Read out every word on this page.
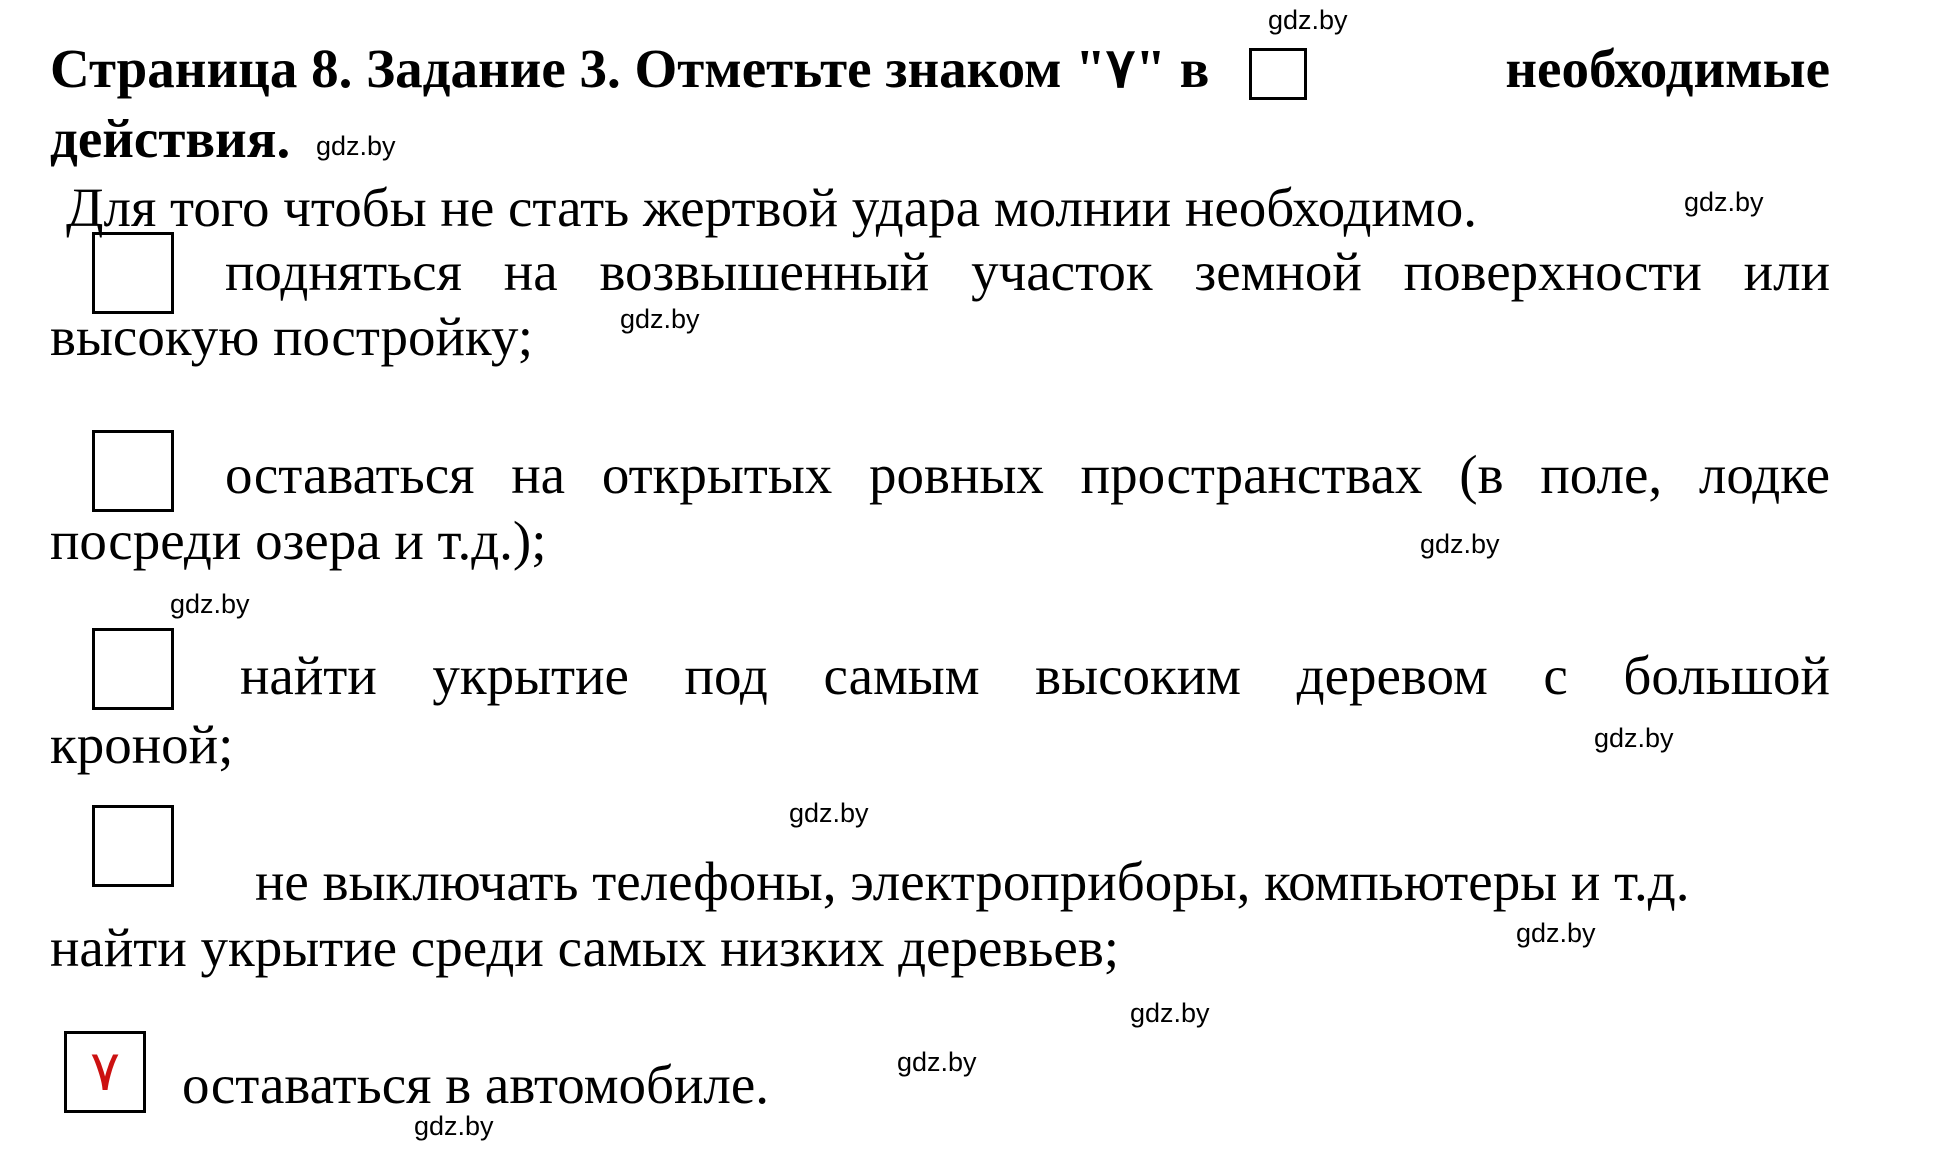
gdz.by
gdz.by
gdz.by
gdz.by
gdz.by
gdz.by
gdz.by
gdz.by
gdz.by
gdz.by
gdz.by
gdz.by
Страница 8. Задание 3. Отметьте знаком "٧" в	необходимые
действия.
Для того чтобы не стать жертвой удара молнии необходимо.
подняться на возвышенный участок земной поверхности или
высокую постройку;
оставаться на открытых ровных пространствах (в поле, лодке
посреди озера и т.д.);
найти укрытие под самым высоким деревом с большой
кроной;
не выключать телефоны, электроприборы, компьютеры и т.д.
найти укрытие среди самых низких деревьев;
٧ оставаться в автомобиле.
